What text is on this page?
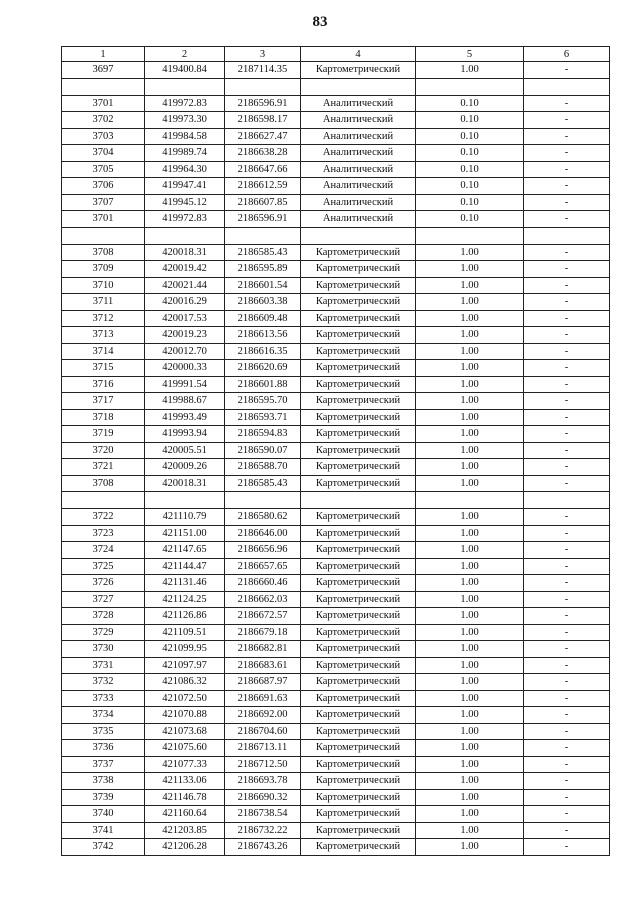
83
1	2	3	4	5	6
3697	419400.84	2187114.35	Картометрический	1.00	-

3701	419972.83	2186596.91	Аналитический	0.10	-
3702	419973.30	2186598.17	Аналитический	0.10	-
3703	419984.58	2186627.47	Аналитический	0.10	-
3704	419989.74	2186638.28	Аналитический	0.10	-
3705	419964.30	2186647.66	Аналитический	0.10	-
3706	419947.41	2186612.59	Аналитический	0.10	-
3707	419945.12	2186607.85	Аналитический	0.10	-
3701	419972.83	2186596.91	Аналитический	0.10	-

3708	420018.31	2186585.43	Картометрический	1.00	-
3709	420019.42	2186595.89	Картометрический	1.00	-
3710	420021.44	2186601.54	Картометрический	1.00	-
3711	420016.29	2186603.38	Картометрический	1.00	-
3712	420017.53	2186609.48	Картометрический	1.00	-
3713	420019.23	2186613.56	Картометрический	1.00	-
3714	420012.70	2186616.35	Картометрический	1.00	-
3715	420000.33	2186620.69	Картометрический	1.00	-
3716	419991.54	2186601.88	Картометрический	1.00	-
3717	419988.67	2186595.70	Картометрический	1.00	-
3718	419993.49	2186593.71	Картометрический	1.00	-
3719	419993.94	2186594.83	Картометрический	1.00	-
3720	420005.51	2186590.07	Картометрический	1.00	-
3721	420009.26	2186588.70	Картометрический	1.00	-
3708	420018.31	2186585.43	Картометрический	1.00	-

3722	421110.79	2186580.62	Картометрический	1.00	-
3723	421151.00	2186646.00	Картометрический	1.00	-
3724	421147.65	2186656.96	Картометрический	1.00	-
3725	421144.47	2186657.65	Картометрический	1.00	-
3726	421131.46	2186660.46	Картометрический	1.00	-
3727	421124.25	2186662.03	Картометрический	1.00	-
3728	421126.86	2186672.57	Картометрический	1.00	-
3729	421109.51	2186679.18	Картометрический	1.00	-
3730	421099.95	2186682.81	Картометрический	1.00	-
3731	421097.97	2186683.61	Картометрический	1.00	-
3732	421086.32	2186687.97	Картометрический	1.00	-
3733	421072.50	2186691.63	Картометрический	1.00	-
3734	421070.88	2186692.00	Картометрический	1.00	-
3735	421073.68	2186704.60	Картометрический	1.00	-
3736	421075.60	2186713.11	Картометрический	1.00	-
3737	421077.33	2186712.50	Картометрический	1.00	-
3738	421133.06	2186693.78	Картометрический	1.00	-
3739	421146.78	2186690.32	Картометрический	1.00	-
3740	421160.64	2186738.54	Картометрический	1.00	-
3741	421203.85	2186732.22	Картометрический	1.00	-
3742	421206.28	2186743.26	Картометрический	1.00	-
